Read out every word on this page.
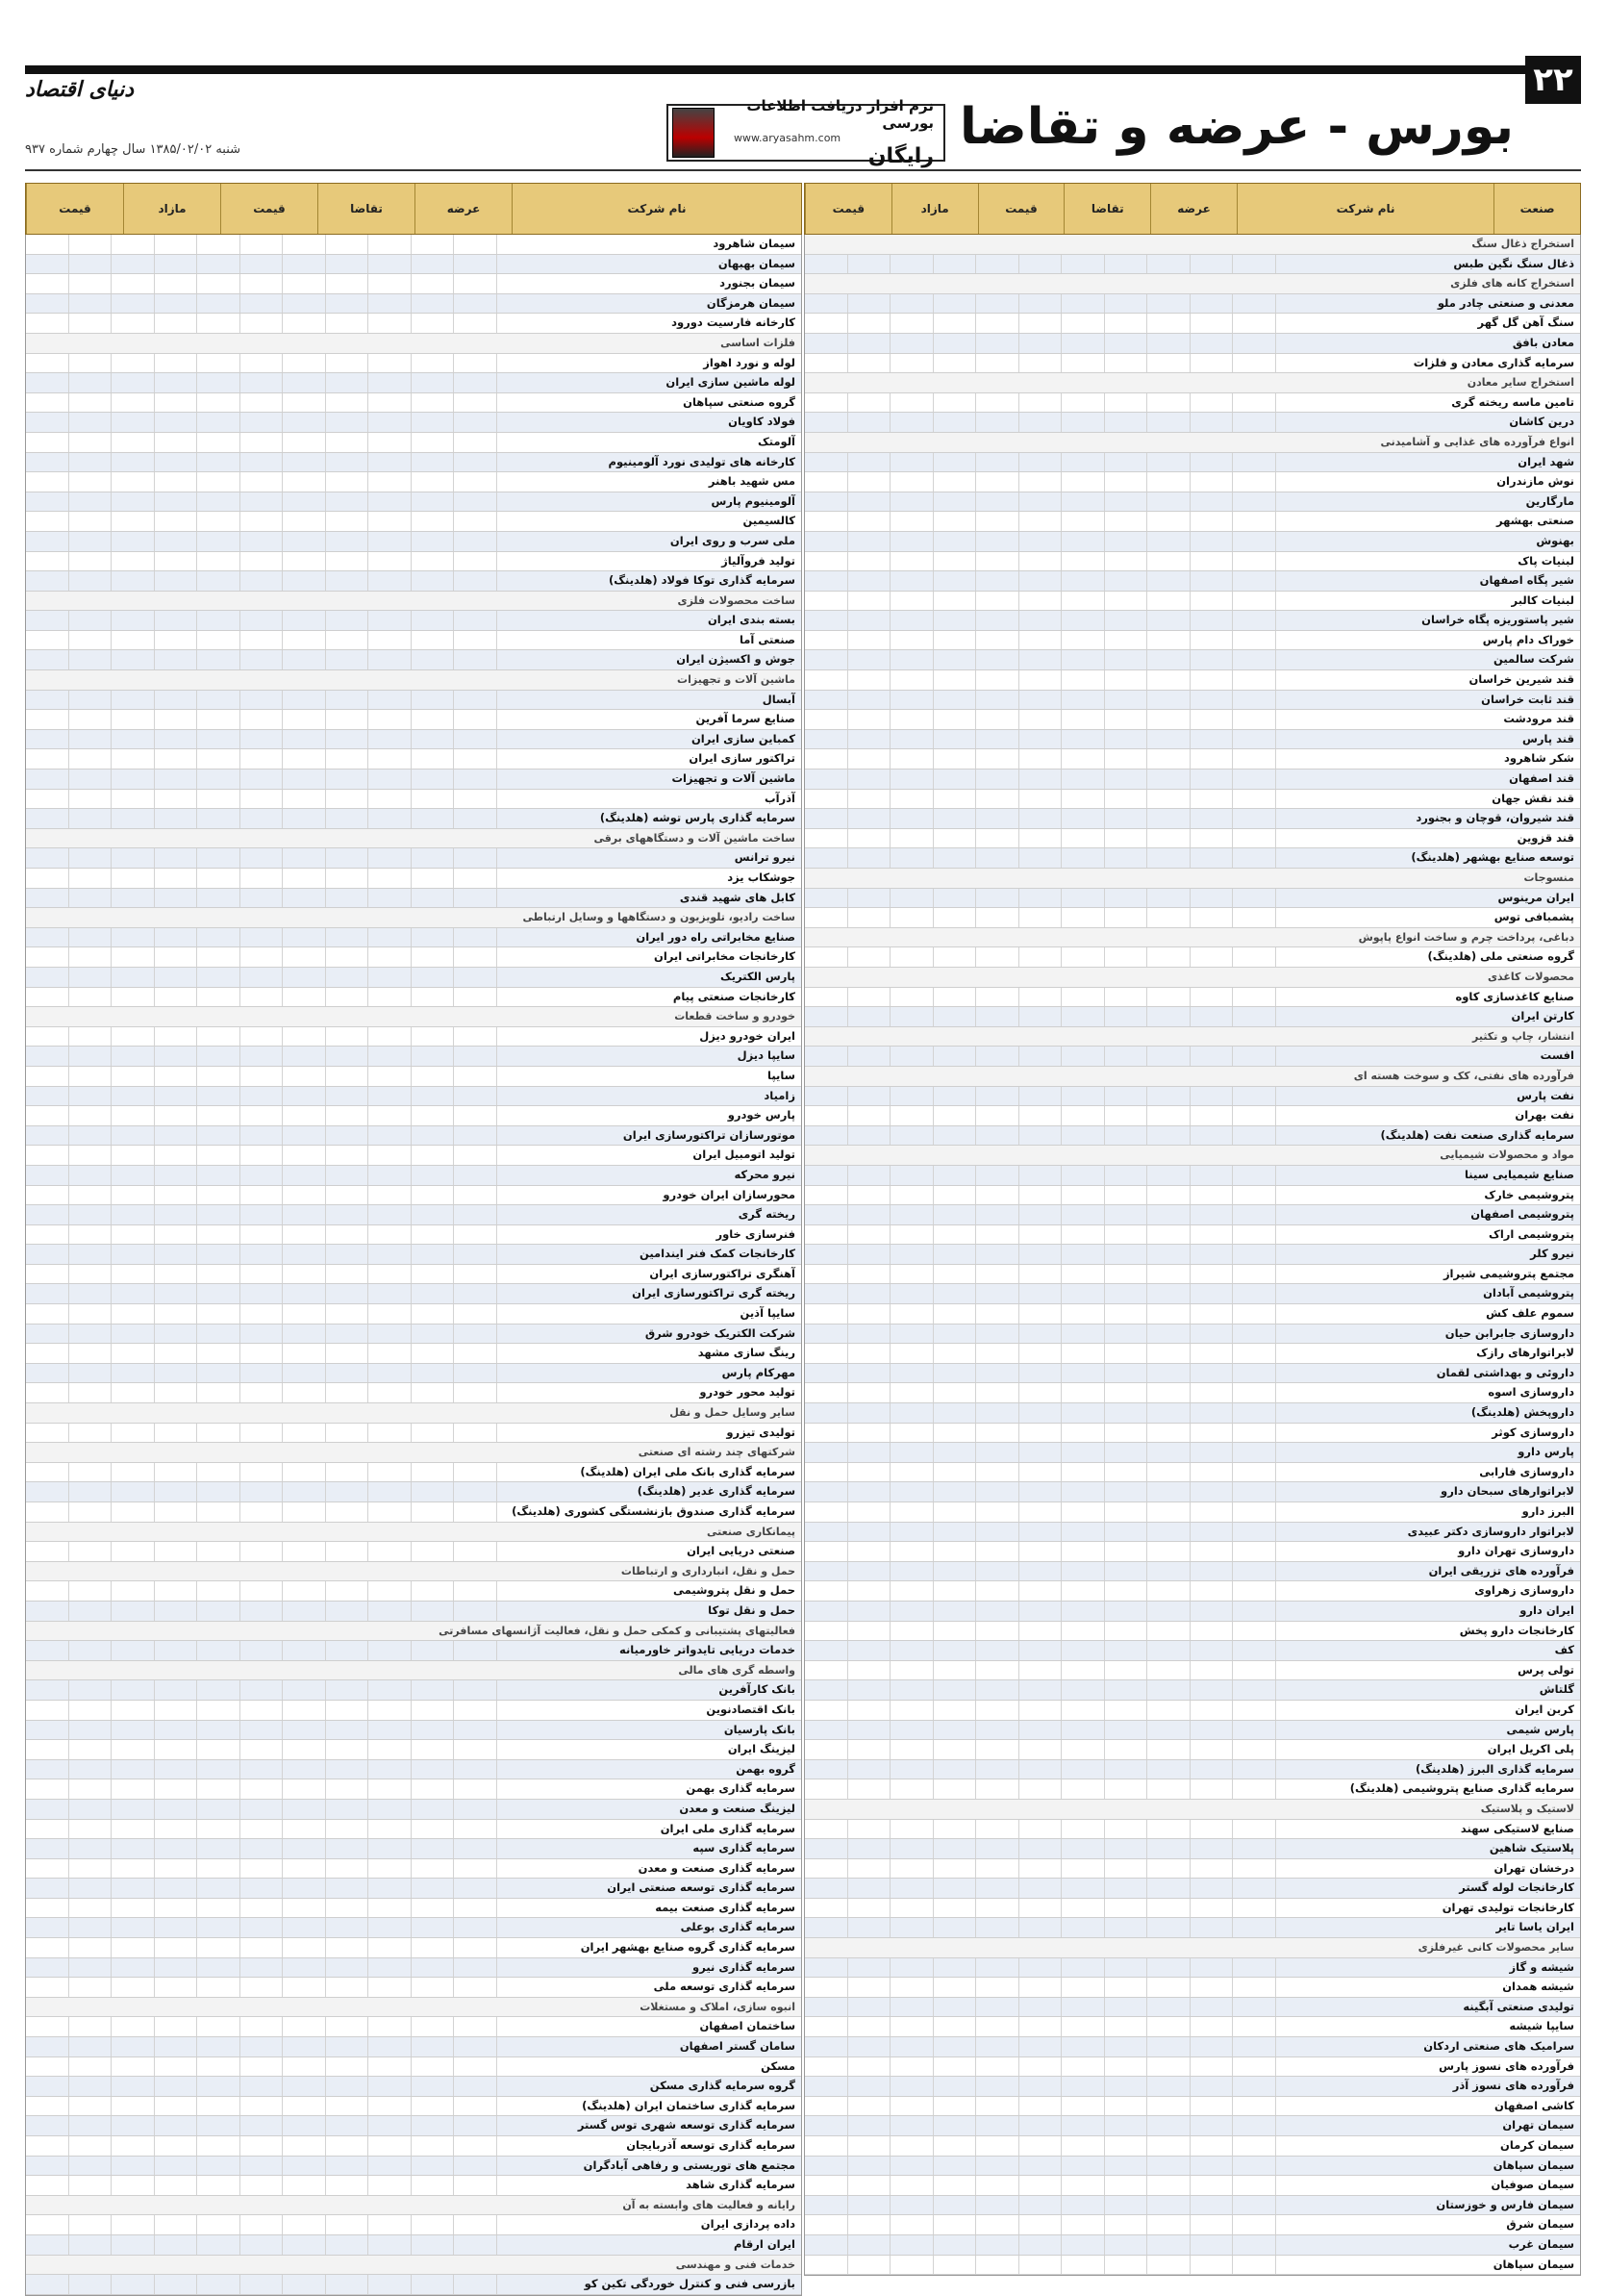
۲۲
دنیای اقتصاد
بورس - عرضه و تقاضا
نرم افزار دریافت اطلاعات بورسی
www.aryasahm.com
رایگان
شنبه ۱۳۸۵/۰۲/۰۲ سال چهارم شماره ۹۳۷
صنعت
نام شرکت
عرضه
تقاضا
قیمت
مازاد
قیمت
استخراج ذغال سنگ
ذغال سنگ نگین طبس
استخراج کانه های فلزی
معدنی و صنعتی چادر ملو
سنگ آهن گل گهر
معادن بافق
سرمایه گذاری معادن و فلزات
استخراج سایر معادن
تامین ماسه ریخته گری
درین کاشان
انواع فرآورده های غذایی و آشامیدنی
شهد ایران
نوش مازندران
مارگارین
صنعتی بهشهر
بهنوش
لبنیات پاک
شیر پگاه اصفهان
لبنیات کالبر
شیر پاستوریزه پگاه خراسان
خوراک دام پارس
شرکت سالمین
قند شیرین خراسان
قند ثابت خراسان
قند مرودشت
قند پارس
شکر شاهرود
قند اصفهان
قند نقش جهان
قند شیروان، قوچان و بجنورد
قند قزوین
توسعه صنایع بهشهر (هلدینگ)
منسوجات
ایران مرینوس
پشمبافی توس
دباغی، پرداخت چرم و ساخت انواع پاپوش
گروه صنعتی ملی (هلدینگ)
محصولات کاغذی
صنایع کاغذسازی کاوه
کارتن ایران
انتشار، چاپ و تکثیر
افست
فرآورده های نفتی، کک و سوخت هسته ای
نفت پارس
نفت بهران
سرمایه گذاری صنعت نفت (هلدینگ)
مواد و محصولات شیمیایی
صنایع شیمیایی سینا
پتروشیمی خارک
پتروشیمی اصفهان
پتروشیمی اراک
نیرو کلر
مجتمع پتروشیمی شیراز
پتروشیمی آبادان
سموم علف کش
داروسازی جابرابن حیان
لابراتوارهای رازک
داروئی و بهداشتی لقمان
داروسازی اسوه
داروپخش (هلدینگ)
داروسازی کوثر
پارس دارو
داروسازی فارابی
لابراتوارهای سبحان دارو
البرز دارو
لابراتوار داروسازی دکتر عبیدی
داروسازی تهران دارو
فرآورده های تزریقی ایران
داروسازی زهراوی
ایران دارو
کارخانجات دارو پخش
کف
تولی پرس
گلتاش
کربن ایران
پارس شیمی
پلی اکریل ایران
سرمایه گذاری البرز (هلدینگ)
سرمایه گذاری صنایع پتروشیمی (هلدینگ)
لاستیک و پلاستیک
صنایع لاستیکی سهند
پلاستیک شاهین
درخشان تهران
کارخانجات لوله گستر
کارخانجات تولیدی تهران
ایران یاسا تایر
سایر محصولات کانی غیرفلزی
شیشه و گاز
شیشه همدان
تولیدی صنعتی آبگینه
سایپا شیشه
سرامیک های صنعتی اردکان
فرآورده های نسوز پارس
فرآورده های نسوز آذر
کاشی اصفهان
سیمان تهران
سیمان کرمان
سیمان سپاهان
سیمان صوفیان
سیمان فارس و خوزستان
سیمان شرق
سیمان غرب
سیمان سپاهان
نام شرکت
عرضه
تقاضا
قیمت
مازاد
قیمت
سیمان شاهرود
سیمان بهبهان
سیمان بجنورد
سیمان هرمزگان
کارخانه فارسیت دورود
فلزات اساسی
لوله و نورد اهواز
لوله ماشین سازی ایران
گروه صنعتی سپاهان
فولاد کاویان
آلومتک
کارخانه های تولیدی نورد آلومینیوم
مس شهید باهنر
آلومینیوم پارس
کالسیمین
ملی سرب و روی ایران
تولید فروآلیاژ
سرمایه گذاری توکا فولاد (هلدینگ)
ساخت محصولات فلزی
بسته بندی ایران
صنعتی آما
جوش و اکسیژن ایران
ماشین آلات و تجهیزات
آبسال
صنایع سرما آفرین
کمباین سازی ایران
تراکتور سازی ایران
ماشین آلات و تجهیزات
آذرآب
سرمایه گذاری پارس توشه (هلدینگ)
ساخت ماشین آلات و دستگاههای برقی
نیرو ترانس
جوشکاب یزد
کابل های شهید قندی
ساخت رادیو، تلویزیون و دستگاهها و وسایل ارتباطی
صنایع مخابراتی راه دور ایران
کارخانجات مخابراتی ایران
پارس الکتریک
کارخانجات صنعتی پیام
خودرو و ساخت قطعات
ایران خودرو دیزل
سایپا دیزل
سایپا
زامیاد
پارس خودرو
موتورسازان تراکتورسازی ایران
تولید اتومبیل ایران
نیرو محرکه
محورسازان ایران خودرو
ریخته گری
فنرسازی خاور
کارخانجات کمک فنر ایندامین
آهنگری تراکتورسازی ایران
ریخته گری تراکتورسازی ایران
سایپا آذین
شرکت الکتریک خودرو شرق
رینگ سازی مشهد
مهرکام پارس
تولید محور خودرو
سایر وسایل حمل و نقل
تولیدی تیزرو
شرکتهای چند رشته ای صنعتی
سرمایه گذاری بانک ملی ایران (هلدینگ)
سرمایه گذاری غدیر (هلدینگ)
سرمایه گذاری صندوق بازنشستگی کشوری (هلدینگ)
پیمانکاری صنعتی
صنعتی دریایی ایران
حمل و نقل، انبارداری و ارتباطات
حمل و نقل پتروشیمی
حمل و نقل توکا
فعالیتهای پشتیبانی و کمکی حمل و نقل، فعالیت آژانسهای مسافرتی
خدمات دریایی تایدواتر خاورمیانه
واسطه گری های مالی
بانک کارآفرین
بانک اقتصادنوین
بانک پارسیان
لیزینگ ایران
گروه بهمن
سرمایه گذاری بهمن
لیزینگ صنعت و معدن
سرمایه گذاری ملی ایران
سرمایه گذاری سپه
سرمایه گذاری صنعت و معدن
سرمایه گذاری توسعه صنعتی ایران
سرمایه گذاری صنعت بیمه
سرمایه گذاری بوعلی
سرمایه گذاری گروه صنایع بهشهر ایران
سرمایه گذاری نیرو
سرمایه گذاری توسعه ملی
انبوه سازی، املاک و مستغلات
ساختمان اصفهان
سامان گستر اصفهان
مسکن
گروه سرمایه گذاری مسکن
سرمایه گذاری ساختمان ایران (هلدینگ)
سرمایه گذاری توسعه شهری توس گستر
سرمایه گذاری توسعه آذربایجان
مجتمع های توریستی و رفاهی آبادگران
سرمایه گذاری شاهد
رایانه و فعالیت های وابسته به آن
داده پردازی ایران
ایران ارقام
خدمات فنی و مهندسی
بازرسی فنی و کنترل خوردگی تکین کو
